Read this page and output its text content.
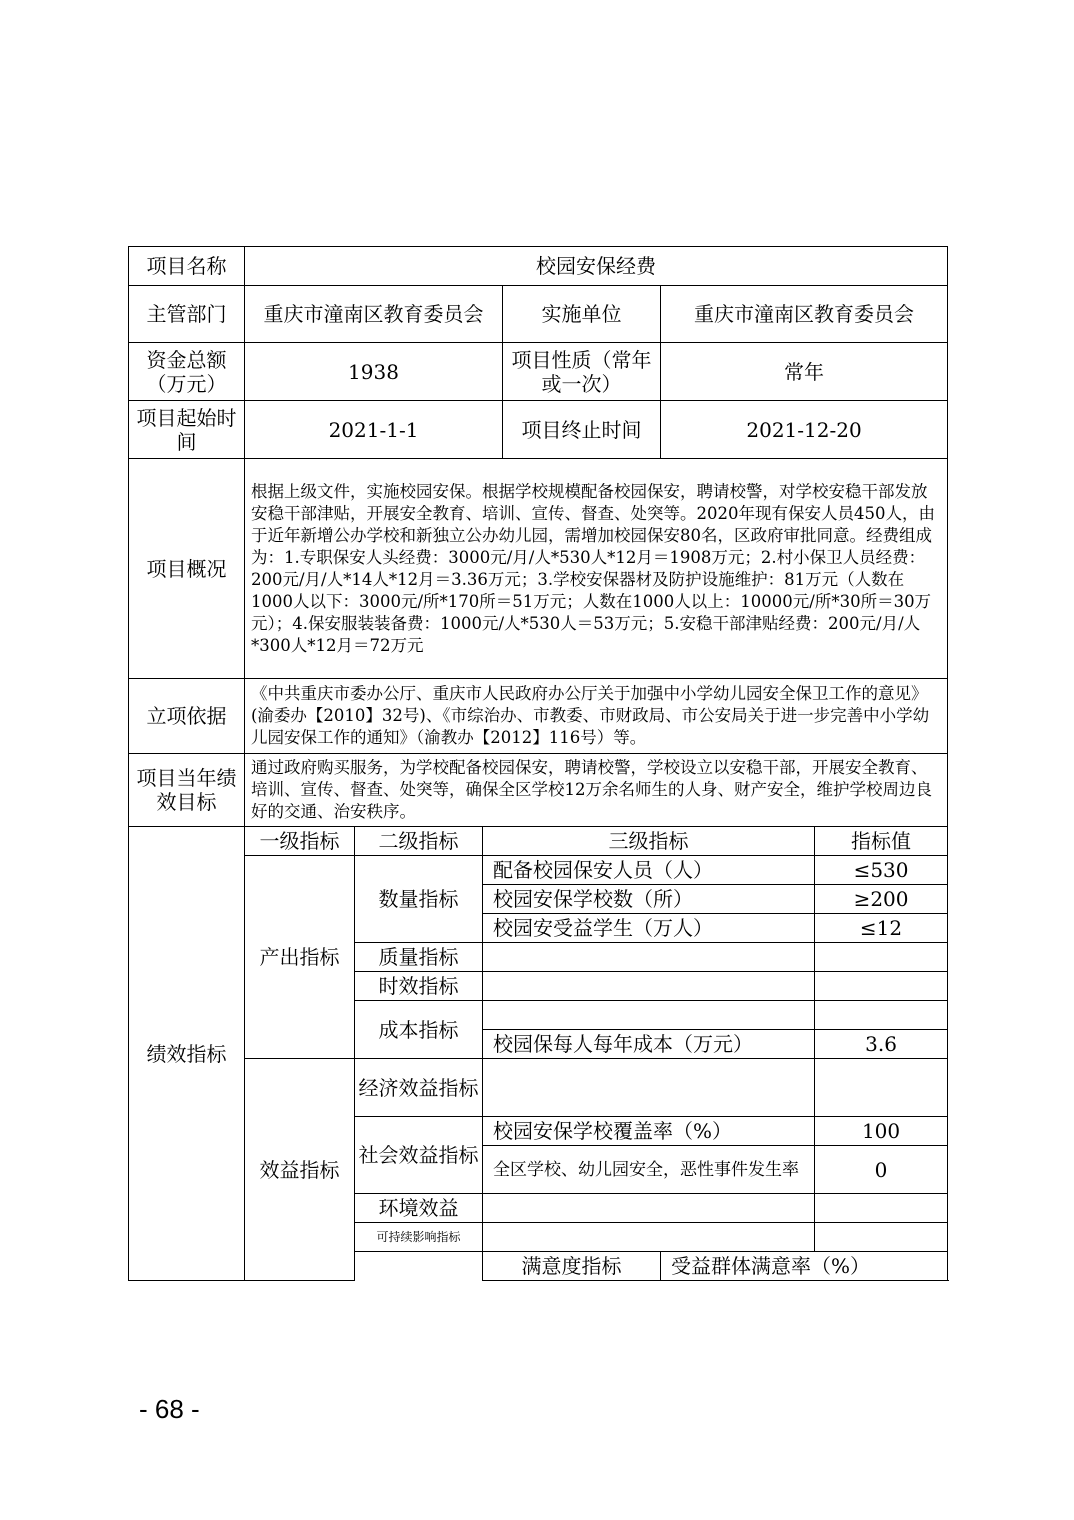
项目名称	校园安保经费						
主管部门	重庆市潼南区教育委员会			实施单位	重庆市潼南区教育委员会		
资金总额（万元）	1938			项目性质（常年或一次）	常年		
项目起始时间	2021-1-1			项目终止时间	2021-12-20		
项目概况	根据上级文件，实施校园安保。根据学校规模配备校园保安，聘请校警，对学校安稳干部发放安稳干部津贴，开展安全教育、培训、宣传、督查、处突等。2020年现有保安人员450人，由于近年新增公办学校和新独立公办幼儿园，需增加校园保安80名，区政府审批同意。经费组成为：1.专职保安人头经费：3000元/月/人*530人*12月＝1908万元；2.村小保卫人员经费：200元/月/人*14人*12月＝3.36万元；3.学校安保器材及防护设施维护：81万元（人数在1000人以下：3000元/所*170所＝51万元；人数在1000人以上：10000元/所*30所＝30万元）；4.保安服装装备费：1000元/人*530人＝53万元；5.安稳干部津贴经费：200元/月/人*300人*12月＝72万元						
立项依据	《中共重庆市委办公厅、重庆市人民政府办公厅关于加强中小学幼儿园安全保卫工作的意见》(渝委办【2010】32号)、《市综治办、市教委、市财政局、市公安局关于进一步完善中小学幼儿园安保工作的通知》（渝教办【2012】116号）等。						
项目当年绩效目标	通过政府购买服务，为学校配备校园保安，聘请校警，学校设立以安稳干部，开展安全教育、培训、宣传、督查、处突等，确保全区学校12万余名师生的人身、财产安全，维护学校周边良好的交通、治安秩序。						
绩效指标	一级指标	二级指标	三级指标			指标值	
	产出指标	数量指标	配备校园保安人员（人）			≤530	
			校园安保学校数（所）			≥200	
			校园安受益学生（万人）			≤12	
		质量指标					
		时效指标					
		成本指标					
			校园保每人每年成本（万元）			3.6	
	效益指标	经济效益指标					
		社会效益指标	校园安保学校覆盖率（%）			100	
			全区学校、幼儿园安全，恶性事件发生率			0	
		环境效益					
		可持续影响指标					
			满意度指标		受益群体满意率（%）	
- 68 -
